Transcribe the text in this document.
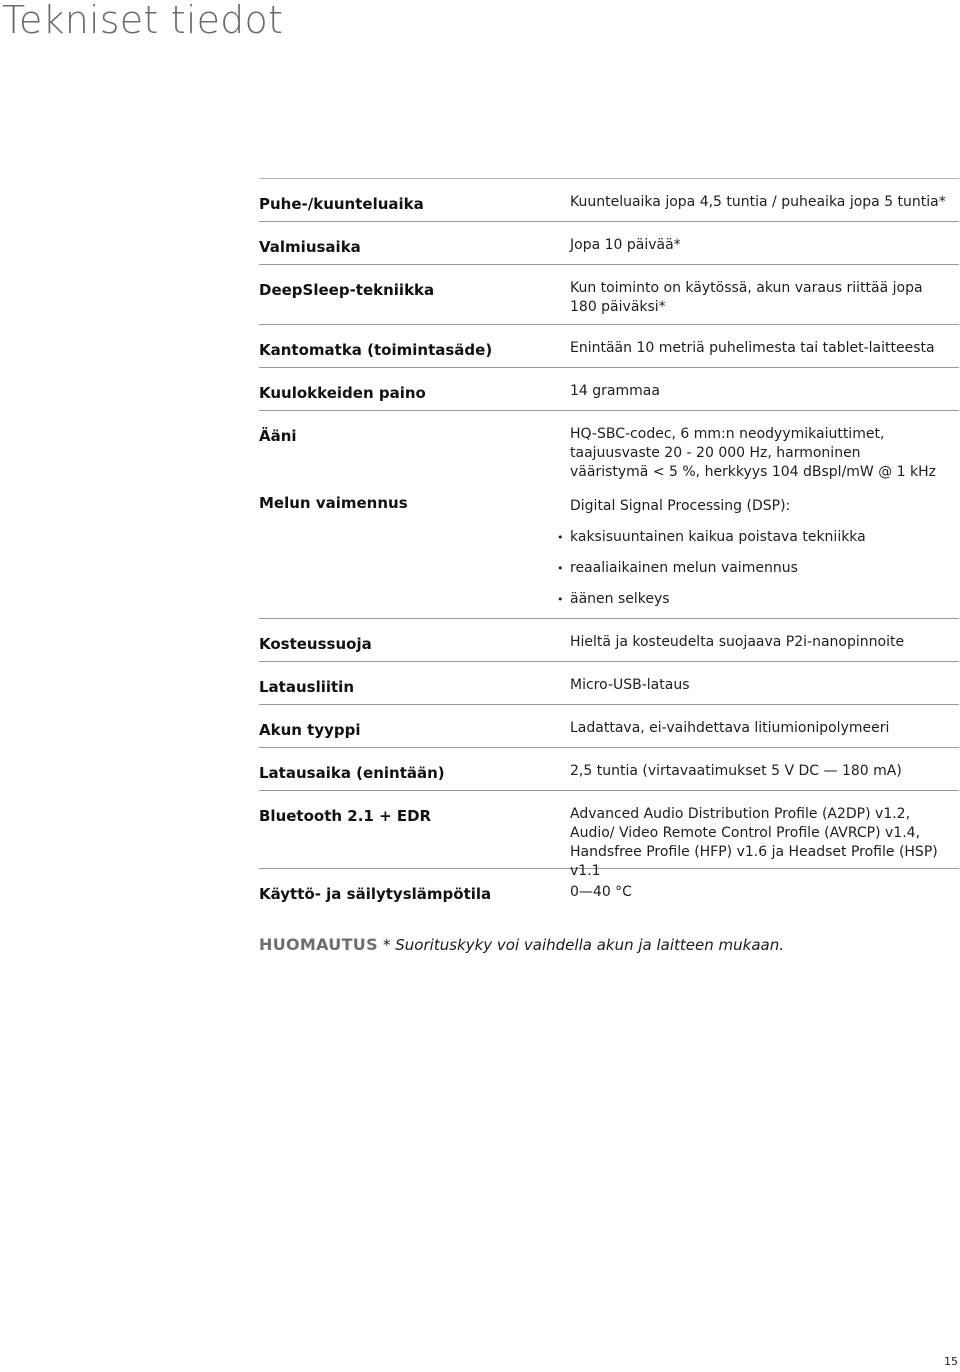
Tekniset tiedot
Puhe-/kuunteluaika	Kuunteluaika jopa 4,5 tuntia / puheaika jopa 5 tuntia*
Valmiusaika	Jopa 10 päivää*
DeepSleep-tekniikka	Kun toiminto on käytössä, akun varaus riittää jopa 180 päiväksi*
Kantomatka (toimintasäde)	Enintään 10 metriä puhelimesta tai tablet-laitteesta
Kuulokkeiden paino	14 grammaa
Ääni	HQ-SBC-codec, 6 mm:n neodyymikaiuttimet, taajuusvaste 20 - 20 000 Hz, harmoninen vääristymä < 5 %, herkkyys 104 dBspl/mW @ 1 kHz
Melun vaimennus	Digital Signal Processing (DSP):
• kaksisuuntainen kaikua poistava tekniikka
• reaaliaikainen melun vaimennus
• äänen selkeys
Kosteussuoja	Hieltä ja kosteudelta suojaava P2i-nanopinnoite
Latausliitin	Micro-USB-lataus
Akun tyyppi	Ladattava, ei-vaihdettava litiumionipolymeeri
Latausaika (enintään)	2,5 tuntia (virtavaatimukset 5 V DC — 180 mA)
Bluetooth 2.1 + EDR	Advanced Audio Distribution Profile (A2DP) v1.2, Audio/ Video Remote Control Profile (AVRCP) v1.4, Handsfree Profile (HFP) v1.6 ja Headset Profile (HSP) v1.1
Käyttö- ja säilytyslämpötila	0—40 °C
HUOMAUTUS * Suorituskyky voi vaihdella akun ja laitteen mukaan.
15
